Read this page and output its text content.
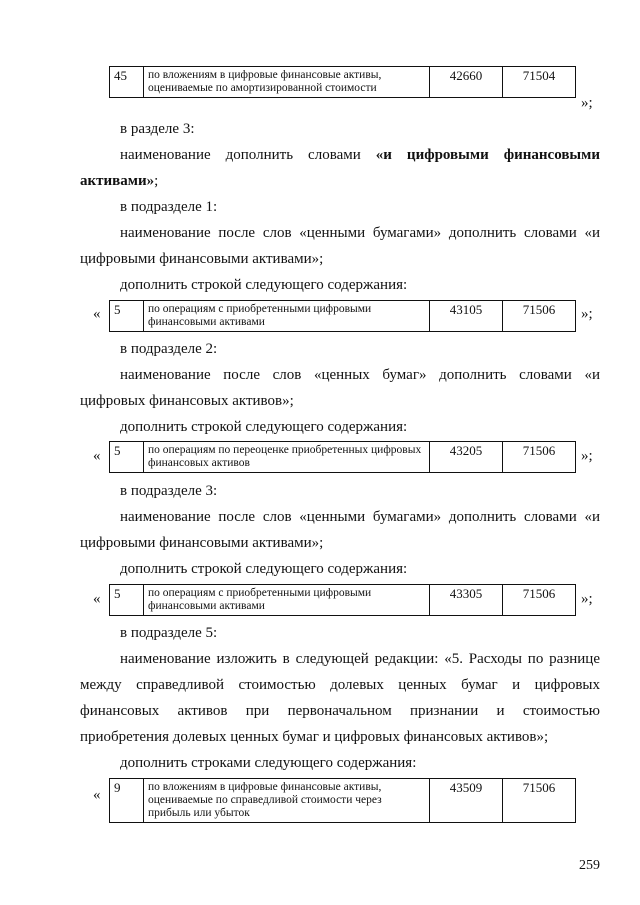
45	по вложениям в цифровые финансовые активы, оцениваемые по амортизированной стоимости	42660	71504
»;

в разделе 3:

наименование дополнить словами «и цифровыми финансовыми активами»;

в подразделе 1:

наименование после слов «ценными бумагами» дополнить словами «и цифровыми финансовыми активами»;

дополнить строкой следующего содержания:

« 5	по операциям с приобретенными цифровыми финансовыми активами	43105	71506 »;

в подразделе 2:

наименование после слов «ценных бумаг» дополнить словами «и цифровых финансовых активов»;

дополнить строкой следующего содержания:

« 5	по операциям по переоценке приобретенных цифровых финансовых активов	43205	71506 »;

в подразделе 3:

наименование после слов «ценными бумагами» дополнить словами «и цифровыми финансовыми активами»;

дополнить строкой следующего содержания:

« 5	по операциям с приобретенными цифровыми финансовыми активами	43305	71506 »;

в подразделе 5:

наименование изложить в следующей редакции: «5. Расходы по разнице между справедливой стоимостью долевых ценных бумаг и цифровых финансовых активов при первоначальном признании и стоимостью приобретения долевых ценных бумаг и цифровых финансовых активов»;

дополнить строками следующего содержания:

« 9	по вложениям в цифровые финансовые активы, оцениваемые по справедливой стоимости через прибыль или убыток	43509	71506
259
